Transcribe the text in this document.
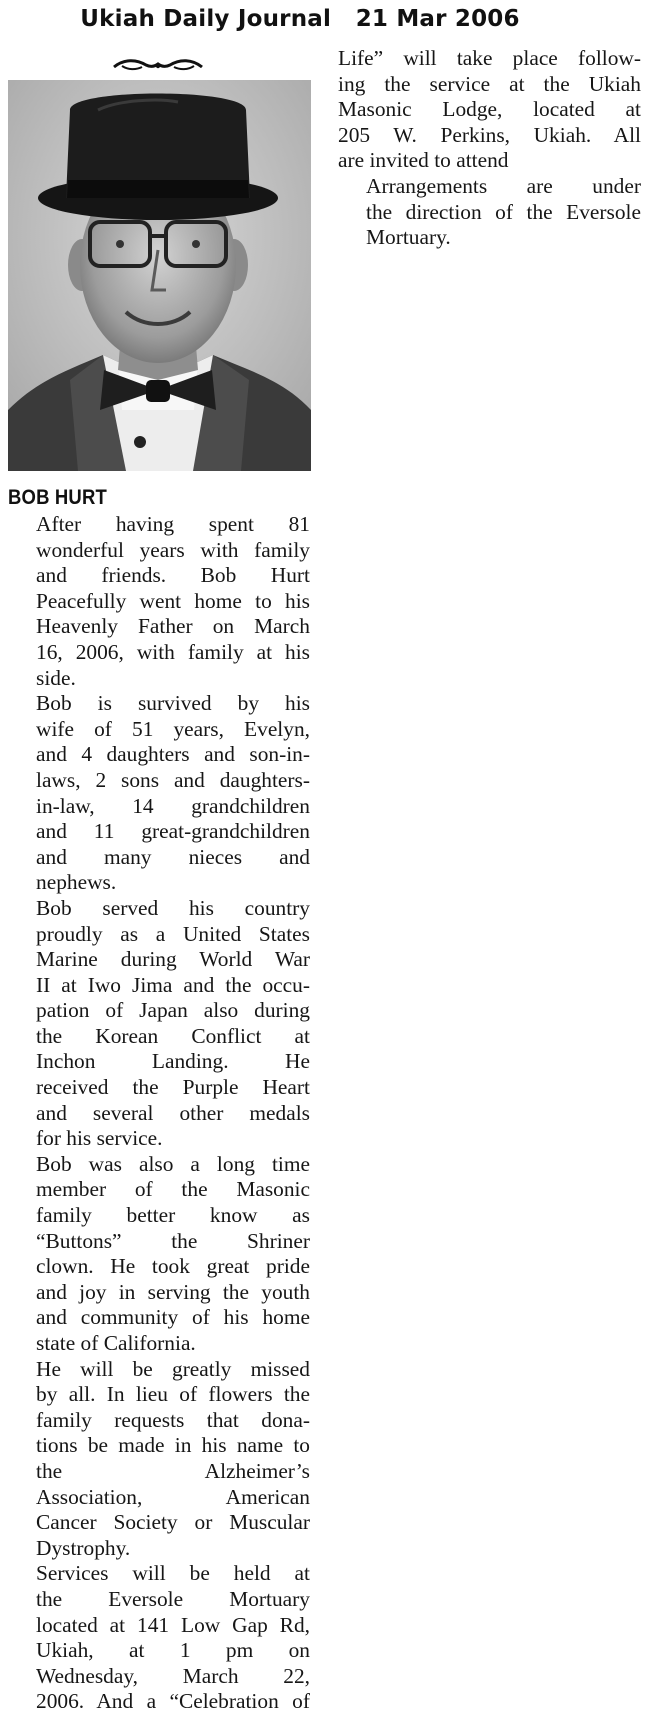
Ukiah Daily Journal 21 Mar 2006
BOB HURT

After having spent 81
wonderful years with family
and friends. Bob Hurt
Peacefully went home to his
Heavenly Father on March
16, 2006, with family at his
side.

Bob is survived by his
wife of 51 years, Evelyn,
and 4 daughters and son-in-
laws, 2 sons and daughters-
in-law, 14 grandchildren
and 11 great-grandchildren
and many nieces and
nephews.

Bob served his country
proudly as a United States
Marine during World War
II at Iwo Jima and the occu-
pation of Japan also during
the Korean Conflict at
Inchon Landing. He
received the Purple Heart
and several other medals
for his service.

Bob was also a long time
member of the Masonic
family better know as
“Buttons” the Shriner
clown. He took great pride
and joy in serving the youth
and community of his home
state of California.

He will be greatly missed
by all. In lieu of flowers the
family requests that dona-
tions be made in his name to
the Alzheimer’s
Association, American
Cancer Society or Muscular
Dystrophy.

Services will be held at
the Eversole Mortuary
located at 141 Low Gap Rd,
Ukiah, at 1 pm on
Wednesday, March 22,
2006. And a “Celebration of

Life” will take place follow-
ing the service at the Ukiah
Masonic Lodge, located at
205 W. Perkins, Ukiah. All
are invited to attend

Arrangements are under
the direction of the Eversole
Mortuary.
